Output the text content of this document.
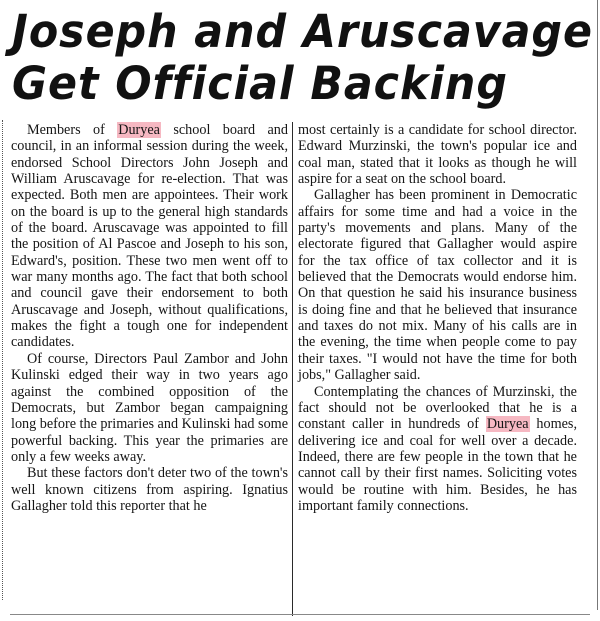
Joseph and Aruscavage
Get Official Backing

Members of Duryea school board and council, in an informal session during the week, endorsed School Directors John Joseph and William Aruscavage for re-election. That was expected. Both men are appointees. Their work on the board is up to the general high standards of the board. Aruscavage was appointed to fill the position of Al Pascoe and Joseph to his son, Edward's, position. These two men went off to war many months ago. The fact that both school and council gave their endorsement to both Aruscavage and Joseph, without qualifications, makes the fight a tough one for independent candidates.

Of course, Directors Paul Zambor and John Kulinski edged their way in two years ago against the combined opposition of the Democrats, but Zambor began campaigning long before the primaries and Kulinski had some powerful backing. This year the primaries are only a few weeks away.

But these factors don't deter two of the town's well known citizens from aspiring. Ignatius Gallagher told this reporter that he

most certainly is a candidate for school director. Edward Murzinski, the town's popular ice and coal man, stated that it looks as though he will aspire for a seat on the school board.

Gallagher has been prominent in Democratic affairs for some time and had a voice in the party's movements and plans. Many of the electorate figured that Gallagher would aspire for the tax office of tax collector and it is believed that the Democrats would endorse him. On that question he said his insurance business is doing fine and that he believed that insurance and taxes do not mix. Many of his calls are in the evening, the time when people come to pay their taxes. "I would not have the time for both jobs," Gallagher said.

Contemplating the chances of Murzinski, the fact should not be overlooked that he is a constant caller in hundreds of Duryea homes, delivering ice and coal for well over a decade. Indeed, there are few people in the town that he cannot call by their first names. Soliciting votes would be routine with him. Besides, he has important family connections.
